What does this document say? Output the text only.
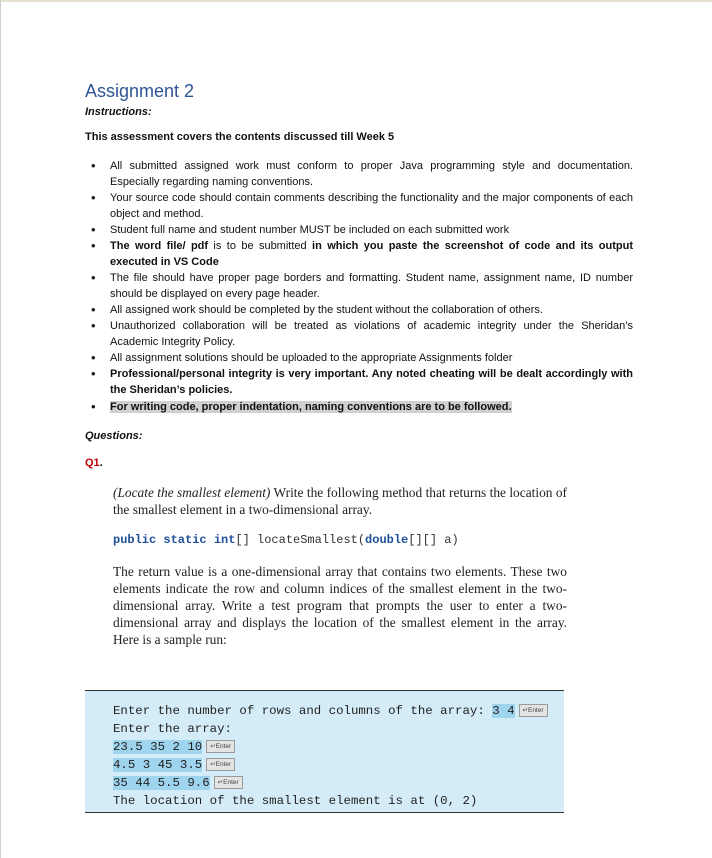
Assignment 2
Instructions:
This assessment covers the contents discussed till Week 5
• All submitted assigned work must conform to proper Java programming style and documentation. Especially regarding naming conventions.
• Your source code should contain comments describing the functionality and the major components of each object and method.
• Student full name and student number MUST be included on each submitted work
• The word file/ pdf is to be submitted in which you paste the screenshot of code and its output executed in VS Code
• The file should have proper page borders and formatting. Student name, assignment name, ID number should be displayed on every page header.
• All assigned work should be completed by the student without the collaboration of others.
• Unauthorized collaboration will be treated as violations of academic integrity under the Sheridan’s Academic Integrity Policy.
• All assignment solutions should be uploaded to the appropriate Assignments folder
• Professional/personal integrity is very important. Any noted cheating will be dealt accordingly with the Sheridan’s policies.
• For writing code, proper indentation, naming conventions are to be followed.
Questions:
Q1.
(Locate the smallest element) Write the following method that returns the location of the smallest element in a two-dimensional array.
public static int[] locateSmallest(double[][] a)
The return value is a one-dimensional array that contains two elements. These two elements indicate the row and column indices of the smallest element in the two-dimensional array. Write a test program that prompts the user to enter a two-dimensional array and displays the location of the smallest element in the array. Here is a sample run:
Enter the number of rows and columns of the array: 3 4 ↵Enter
Enter the array:
23.5 35 2 10 ↵Enter
4.5 3 45 3.5 ↵Enter
35 44 5.5 9.6 ↵Enter
The location of the smallest element is at (0, 2)
